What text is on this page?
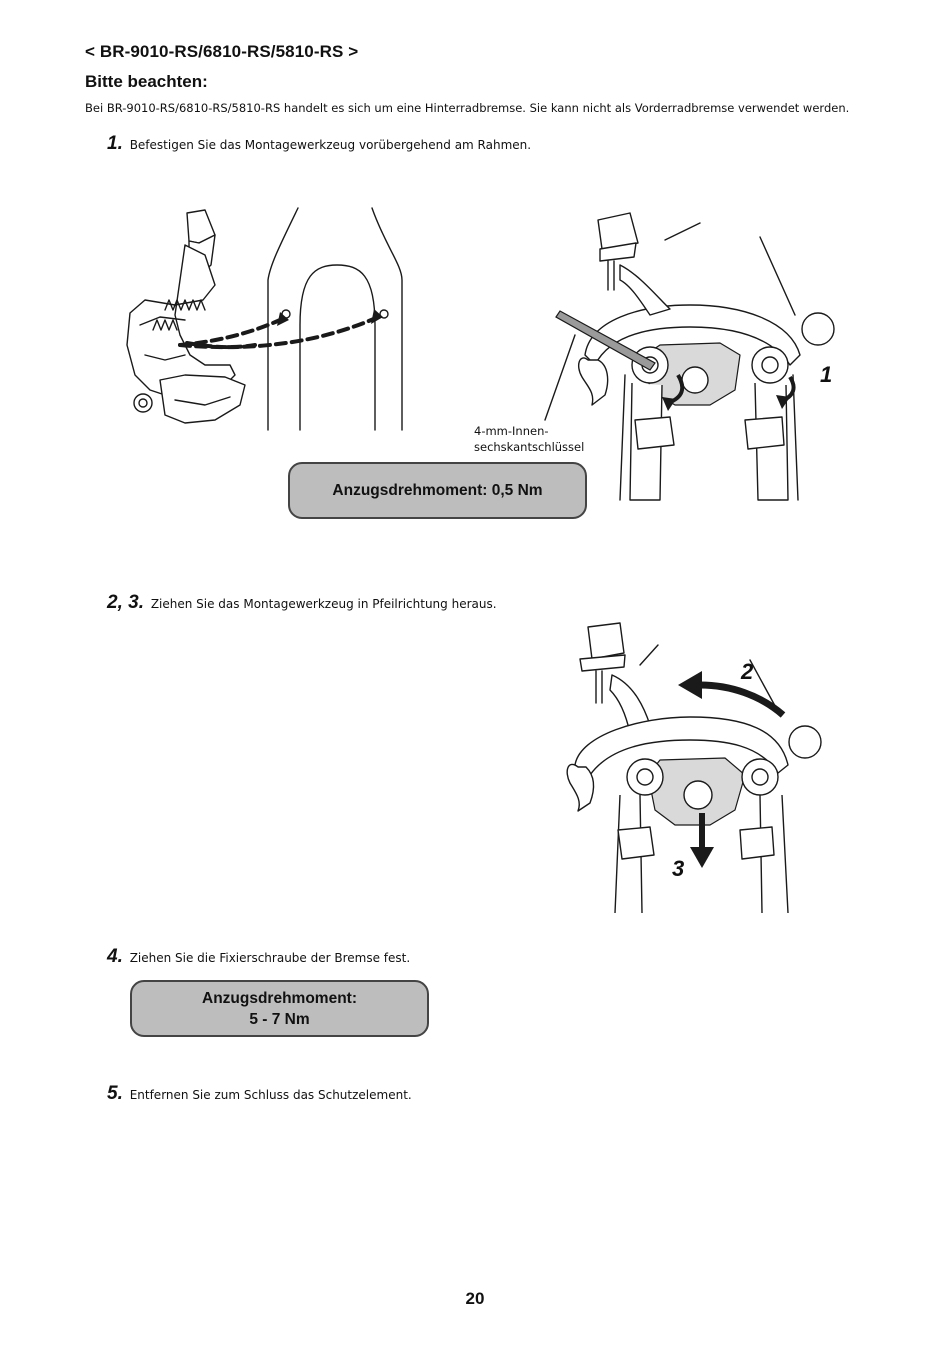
< BR-9010-RS/6810-RS/5810-RS >
Bitte beachten:
Bei BR-9010-RS/6810-RS/5810-RS handelt es sich um eine Hinterradbremse. Sie kann nicht als Vorderradbremse verwendet werden.
1. Befestigen Sie das Montagewerkzeug vorübergehend am Rahmen.
1
4-mm-Innen-
sechskantschlüssel
Anzugsdrehmoment: 0,5 Nm
2, 3. Ziehen Sie das Montagewerkzeug in Pfeilrichtung heraus.
2
3
4. Ziehen Sie die Fixierschraube der Bremse fest.
Anzugsdrehmoment:
5 - 7 Nm
5. Entfernen Sie zum Schluss das Schutzelement.
20
